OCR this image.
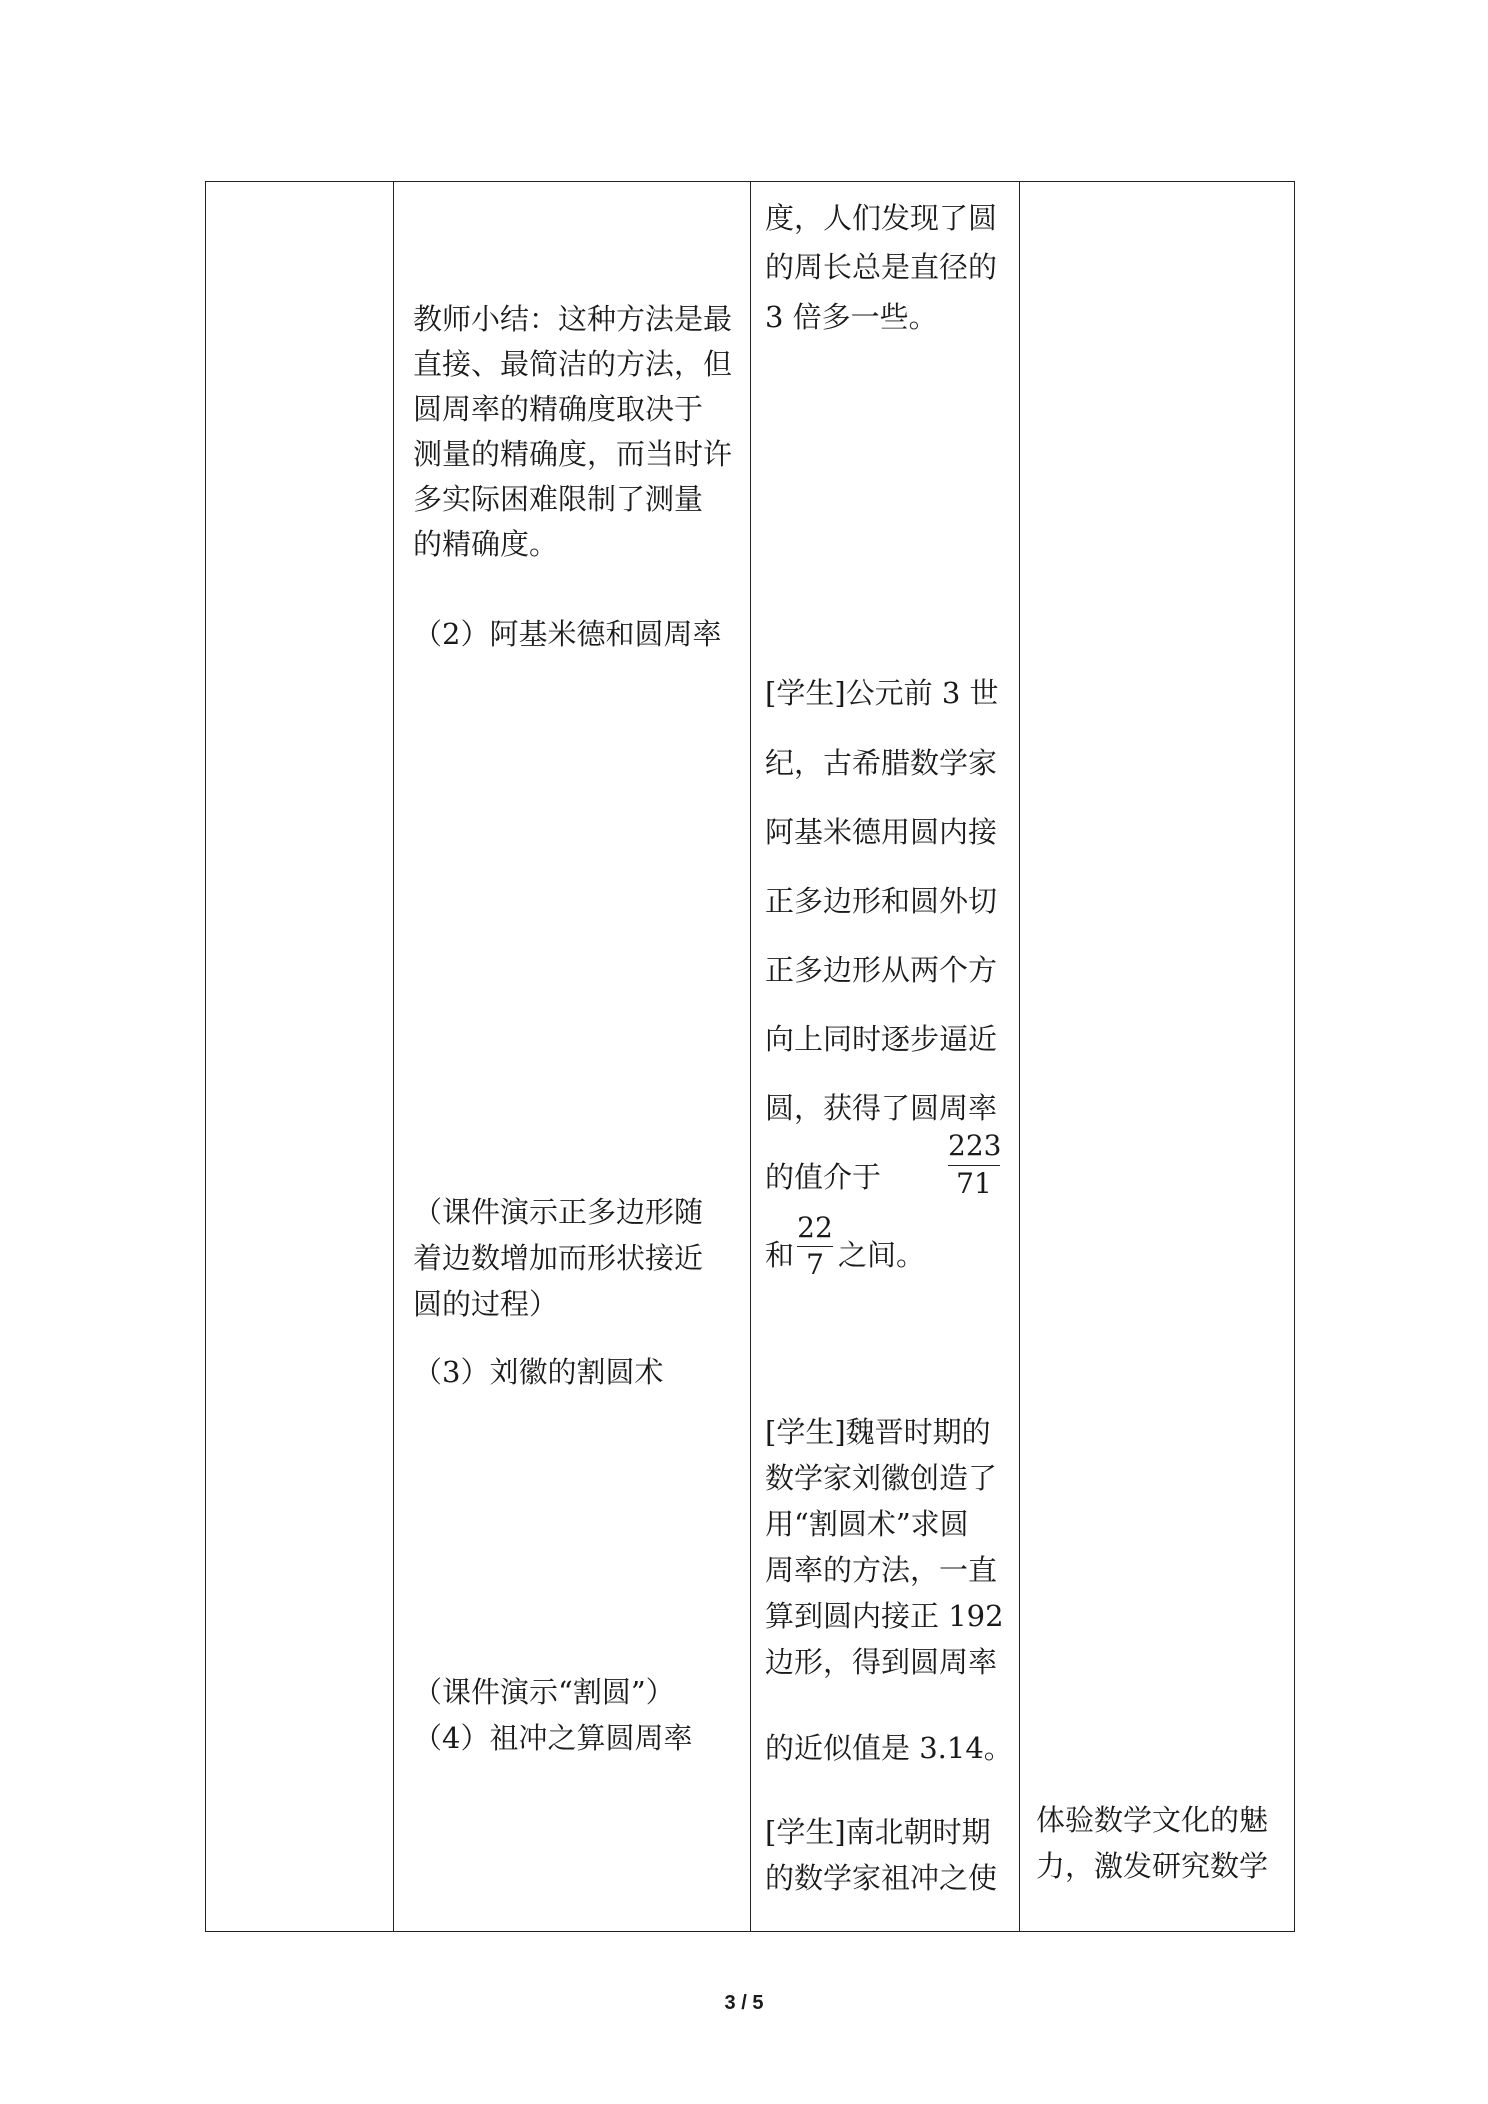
教师小结：这种方法是最
直接、最简洁的方法，但
圆周率的精确度取决于
测量的精确度，而当时许
多实际困难限制了测量
的精确度。
（2）阿基米德和圆周率
（课件演示正多边形随
着边数增加而形状接近
圆的过程）
（3）刘徽的割圆术
（课件演示“割圆”）
（4）祖冲之算圆周率
度，人们发现了圆
的周长总是直径的
3 倍多一些。
[学生]公元前 3 世
纪，古希腊数学家
阿基米德用圆内接
正多边形和圆外切
正多边形从两个方
向上同时逐步逼近
圆，获得了圆周率
的值介于
223
71
和
22
7 之间。
[学生]魏晋时期的
数学家刘徽创造了
用“割圆术”求圆
周率的方法，一直
算到圆内接正 192
边形，得到圆周率
的近似值是 3.14。
[学生]南北朝时期
的数学家祖冲之使
体验数学文化的魅
力，激发研究数学
3 / 5
